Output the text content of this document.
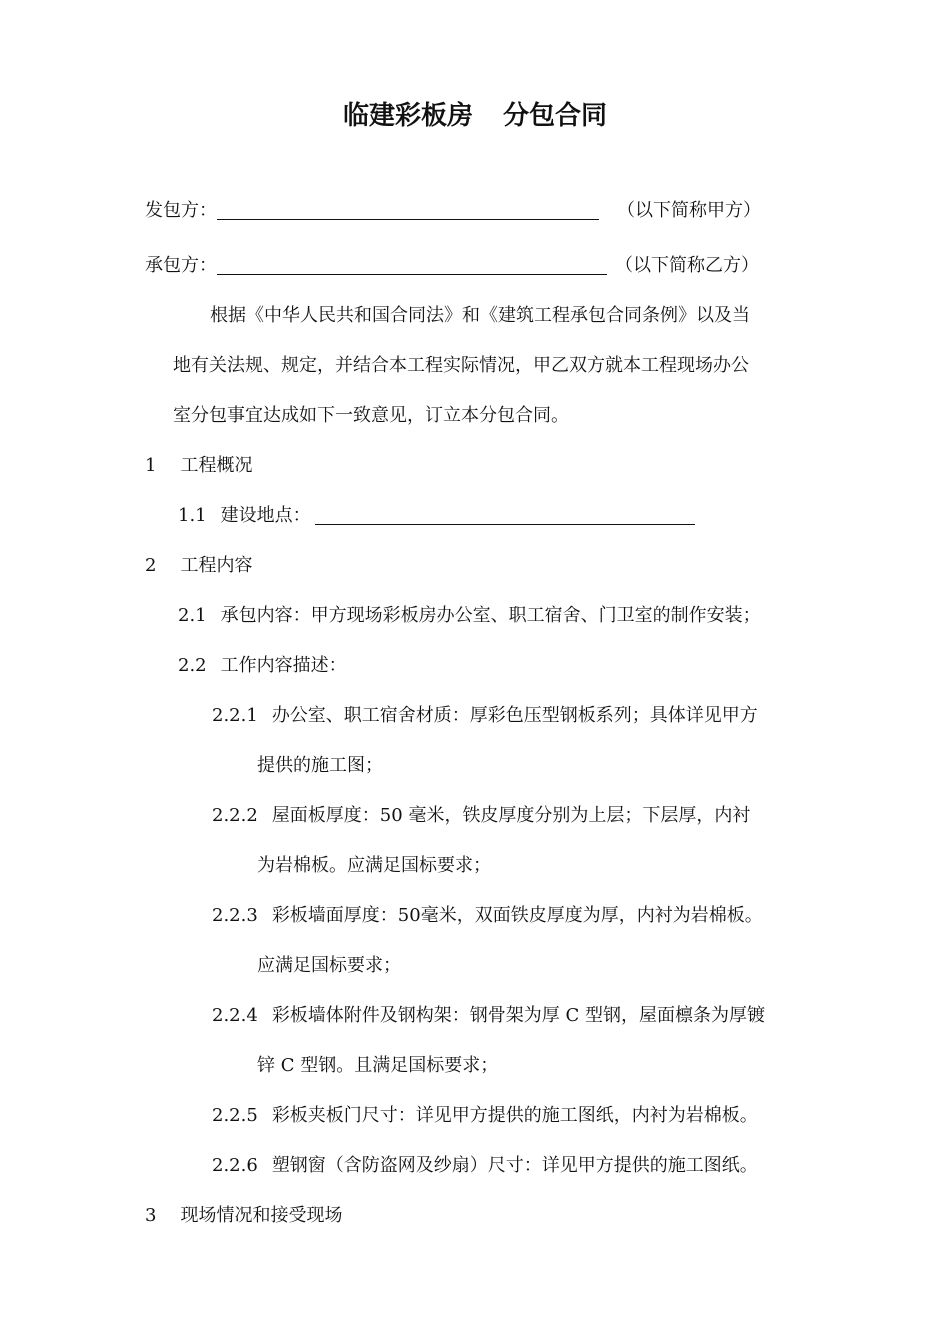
临建彩板房 分包合同
发包方：	（以下简称甲方）
承包方：	（以下简称乙方）
根据《中华人民共和国合同法》和《建筑工程承包合同条例》以及当
地有关法规、规定，并结合本工程实际情况，甲乙双方就本工程现场办公
室分包事宜达成如下一致意见，订立本分包合同。
1 工程概况
1.1 建设地点：
2 工程内容
2.1 承包内容：甲方现场彩板房办公室、职工宿舍、门卫室的制作安装；
2.2 工作内容描述：
2.2.1 办公室、职工宿舍材质：厚彩色压型钢板系列；具体详见甲方
提供的施工图；
2.2.2 屋面板厚度：50 毫米，铁皮厚度分别为上层；下层厚，内衬
为岩棉板。应满足国标要求；
2.2.3 彩板墙面厚度：50毫米，双面铁皮厚度为厚，内衬为岩棉板。
应满足国标要求；
2.2.4 彩板墙体附件及钢构架：钢骨架为厚 C 型钢，屋面檩条为厚镀
锌 C 型钢。且满足国标要求；
2.2.5 彩板夹板门尺寸：详见甲方提供的施工图纸，内衬为岩棉板。
2.2.6 塑钢窗（含防盗网及纱扇）尺寸：详见甲方提供的施工图纸。
3 现场情况和接受现场
